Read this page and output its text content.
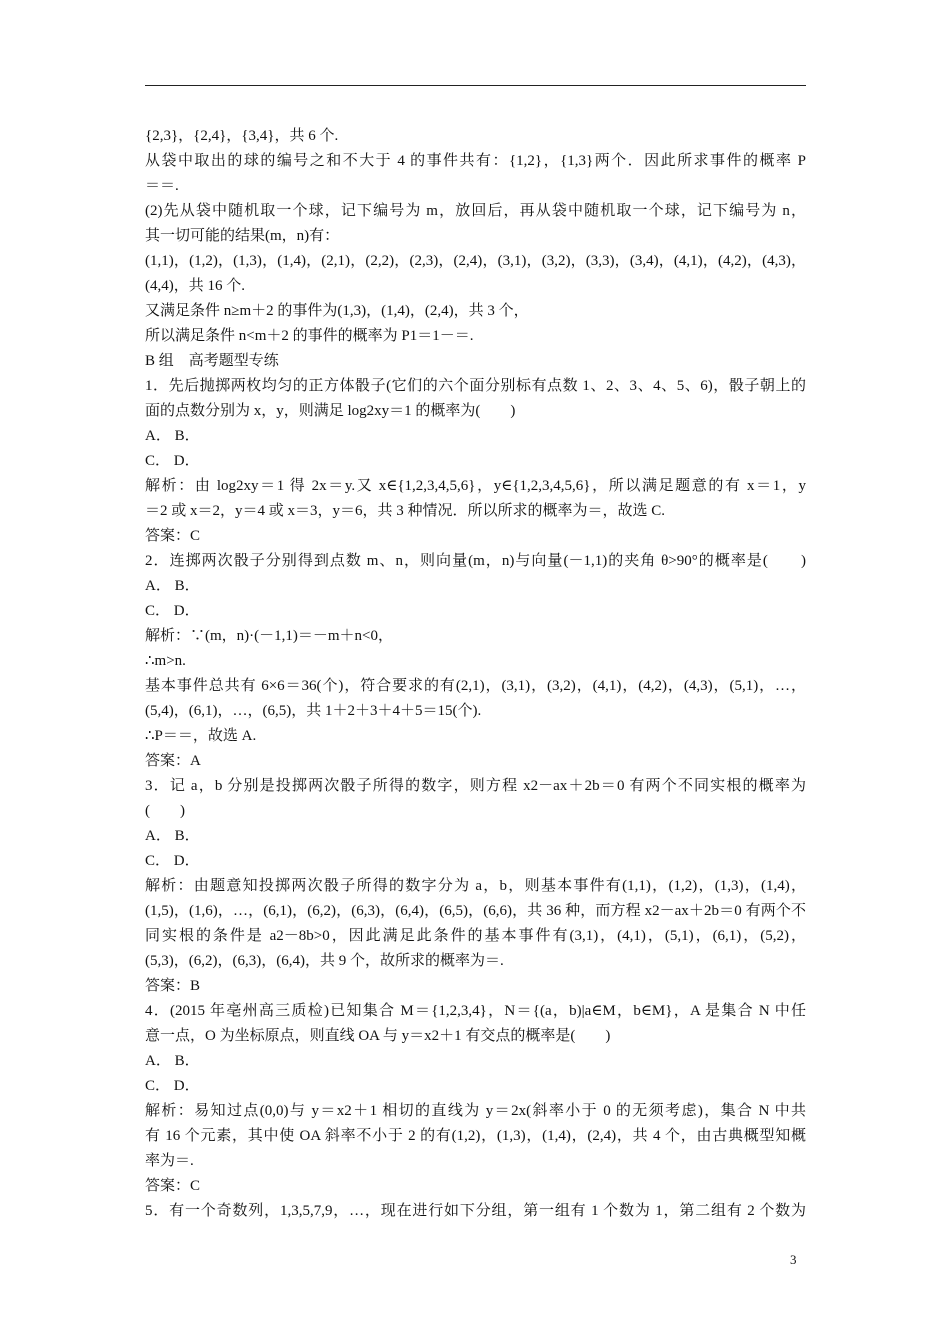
{2,3}，{2,4}，{3,4}，共 6 个.
从袋中取出的球的编号之和不大于 4 的事件共有：{1,2}，{1,3}两个．因此所求事件的概率 P
＝＝.
(2)先从袋中随机取一个球，记下编号为 m，放回后，再从袋中随机取一个球，记下编号为 n，
其一切可能的结果(m，n)有：
(1,1)，(1,2)，(1,3)，(1,4)，(2,1)，(2,2)，(2,3)，(2,4)，(3,1)，(3,2)，(3,3)，(3,4)，(4,1)，(4,2)，(4,3)，
(4,4)，共 16 个.
又满足条件 n≥m＋2 的事件为(1,3)，(1,4)，(2,4)，共 3 个，
所以满足条件 n<m＋2 的事件的概率为 P1＝1－＝.
B 组　高考题型专练
1．先后抛掷两枚均匀的正方体骰子(它们的六个面分别标有点数 1、2、3、4、5、6)，骰子朝上的
面的点数分别为 x，y，则满足 log2xy＝1 的概率为(　　)
A． B．
C． D．
解析：由 log2xy＝1 得 2x＝y.又 x∈{1,2,3,4,5,6}，y∈{1,2,3,4,5,6}，所以满足题意的有 x＝1，y
＝2 或 x＝2，y＝4 或 x＝3，y＝6，共 3 种情况．所以所求的概率为＝，故选 C.
答案：C
2．连掷两次骰子分别得到点数 m、n，则向量(m，n)与向量(－1,1)的夹角 θ>90°的概率是(　　)
A． B．
C． D．
解析：∵(m，n)·(－1,1)＝－m＋n<0，
∴m>n.
基本事件总共有 6×6＝36(个)，符合要求的有(2,1)，(3,1)，(3,2)，(4,1)，(4,2)，(4,3)，(5,1)，…，
(5,4)，(6,1)，…，(6,5)，共 1＋2＋3＋4＋5＝15(个).
∴P＝＝，故选 A.
答案：A
3．记 a，b 分别是投掷两次骰子所得的数字，则方程 x2－ax＋2b＝0 有两个不同实根的概率为
(　　)
A． B．
C． D．
解析：由题意知投掷两次骰子所得的数字分为 a，b，则基本事件有(1,1)，(1,2)，(1,3)，(1,4)，
(1,5)，(1,6)，…，(6,1)，(6,2)，(6,3)，(6,4)，(6,5)，(6,6)，共 36 种，而方程 x2－ax＋2b＝0 有两个不
同实根的条件是 a2－8b>0，因此满足此条件的基本事件有(3,1)，(4,1)，(5,1)，(6,1)，(5,2)，
(5,3)，(6,2)，(6,3)，(6,4)，共 9 个，故所求的概率为＝.
答案：B
4．(2015 年亳州高三质检)已知集合 M＝{1,2,3,4}，N＝{(a，b)|a∈M，b∈M}，A 是集合 N 中任
意一点，O 为坐标原点，则直线 OA 与 y＝x2＋1 有交点的概率是(　　)
A． B．
C． D．
解析：易知过点(0,0)与 y＝x2＋1 相切的直线为 y＝2x(斜率小于 0 的无须考虑)，集合 N 中共
有 16 个元素，其中使 OA 斜率不小于 2 的有(1,2)，(1,3)，(1,4)，(2,4)，共 4 个，由古典概型知概
率为＝.
答案：C
5．有一个奇数列，1,3,5,7,9，…，现在进行如下分组，第一组有 1 个数为 1，第二组有 2 个数为
3
